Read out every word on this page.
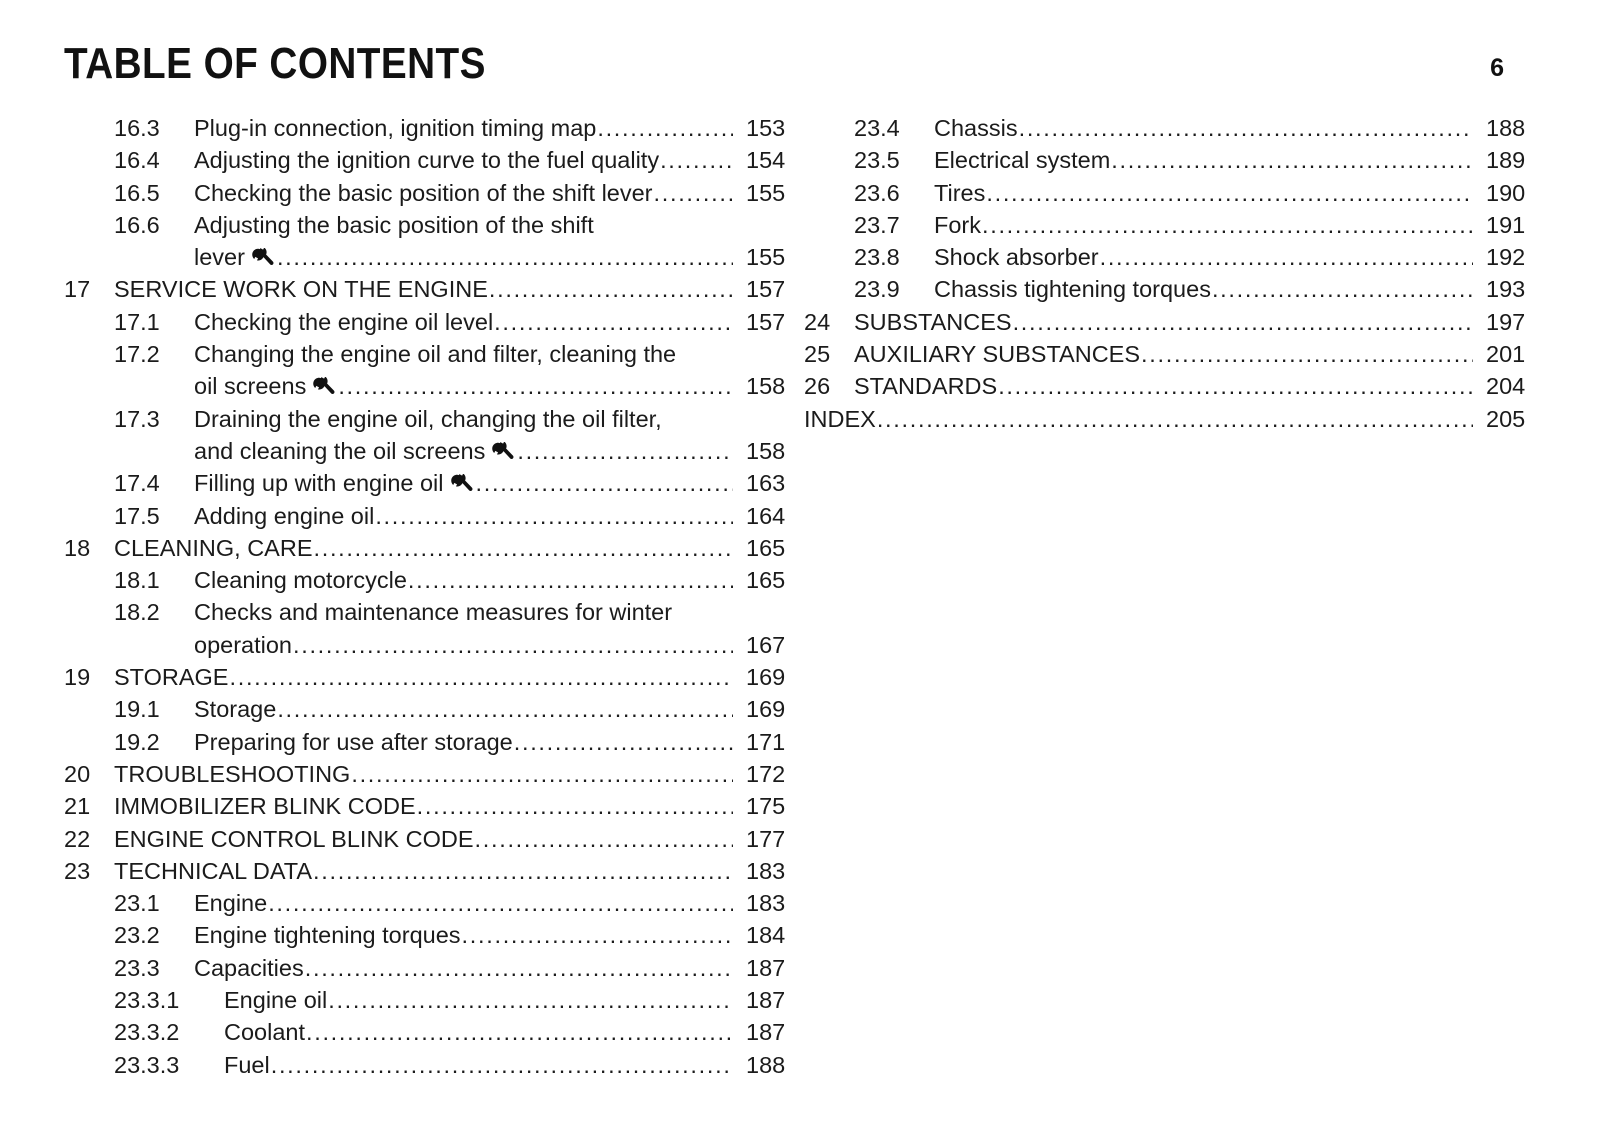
TABLE OF CONTENTS	6
16.3 Plug-in connection, ignition timing map .....	153
16.4 Adjusting the ignition curve to the fuel quality .....	154
16.5 Checking the basic position of the shift lever .....	155
16.6 Adjusting the basic position of the shift
lever .....	155
17	SERVICE WORK ON THE ENGINE .....	157
17.1 Checking the engine oil level .....	157
17.2 Changing the engine oil and filter, cleaning the
oil screens .....	158
17.3 Draining the engine oil, changing the oil filter,
and cleaning the oil screens .....	158
17.4 Filling up with engine oil .....	163
17.5 Adding engine oil .....	164
18	CLEANING, CARE .....	165
18.1 Cleaning motorcycle .....	165
18.2 Checks and maintenance measures for winter
operation .....	167
19	STORAGE .....	169
19.1 Storage .....	169
19.2 Preparing for use after storage .....	171
20	TROUBLESHOOTING .....	172
21	IMMOBILIZER BLINK CODE .....	175
22	ENGINE CONTROL BLINK CODE .....	177
23	TECHNICAL DATA .....	183
23.1 Engine .....	183
23.2 Engine tightening torques .....	184
23.3 Capacities .....	187
23.3.1	Engine oil .....	187
23.3.2	Coolant .....	187
23.3.3	Fuel .....	188
23.4 Chassis .....	188
23.5 Electrical system .....	189
23.6 Tires .....	190
23.7 Fork .....	191
23.8 Shock absorber .....	192
23.9 Chassis tightening torques .....	193
24	SUBSTANCES .....	197
25	AUXILIARY SUBSTANCES .....	201
26	STANDARDS .....	204
INDEX .....	205
